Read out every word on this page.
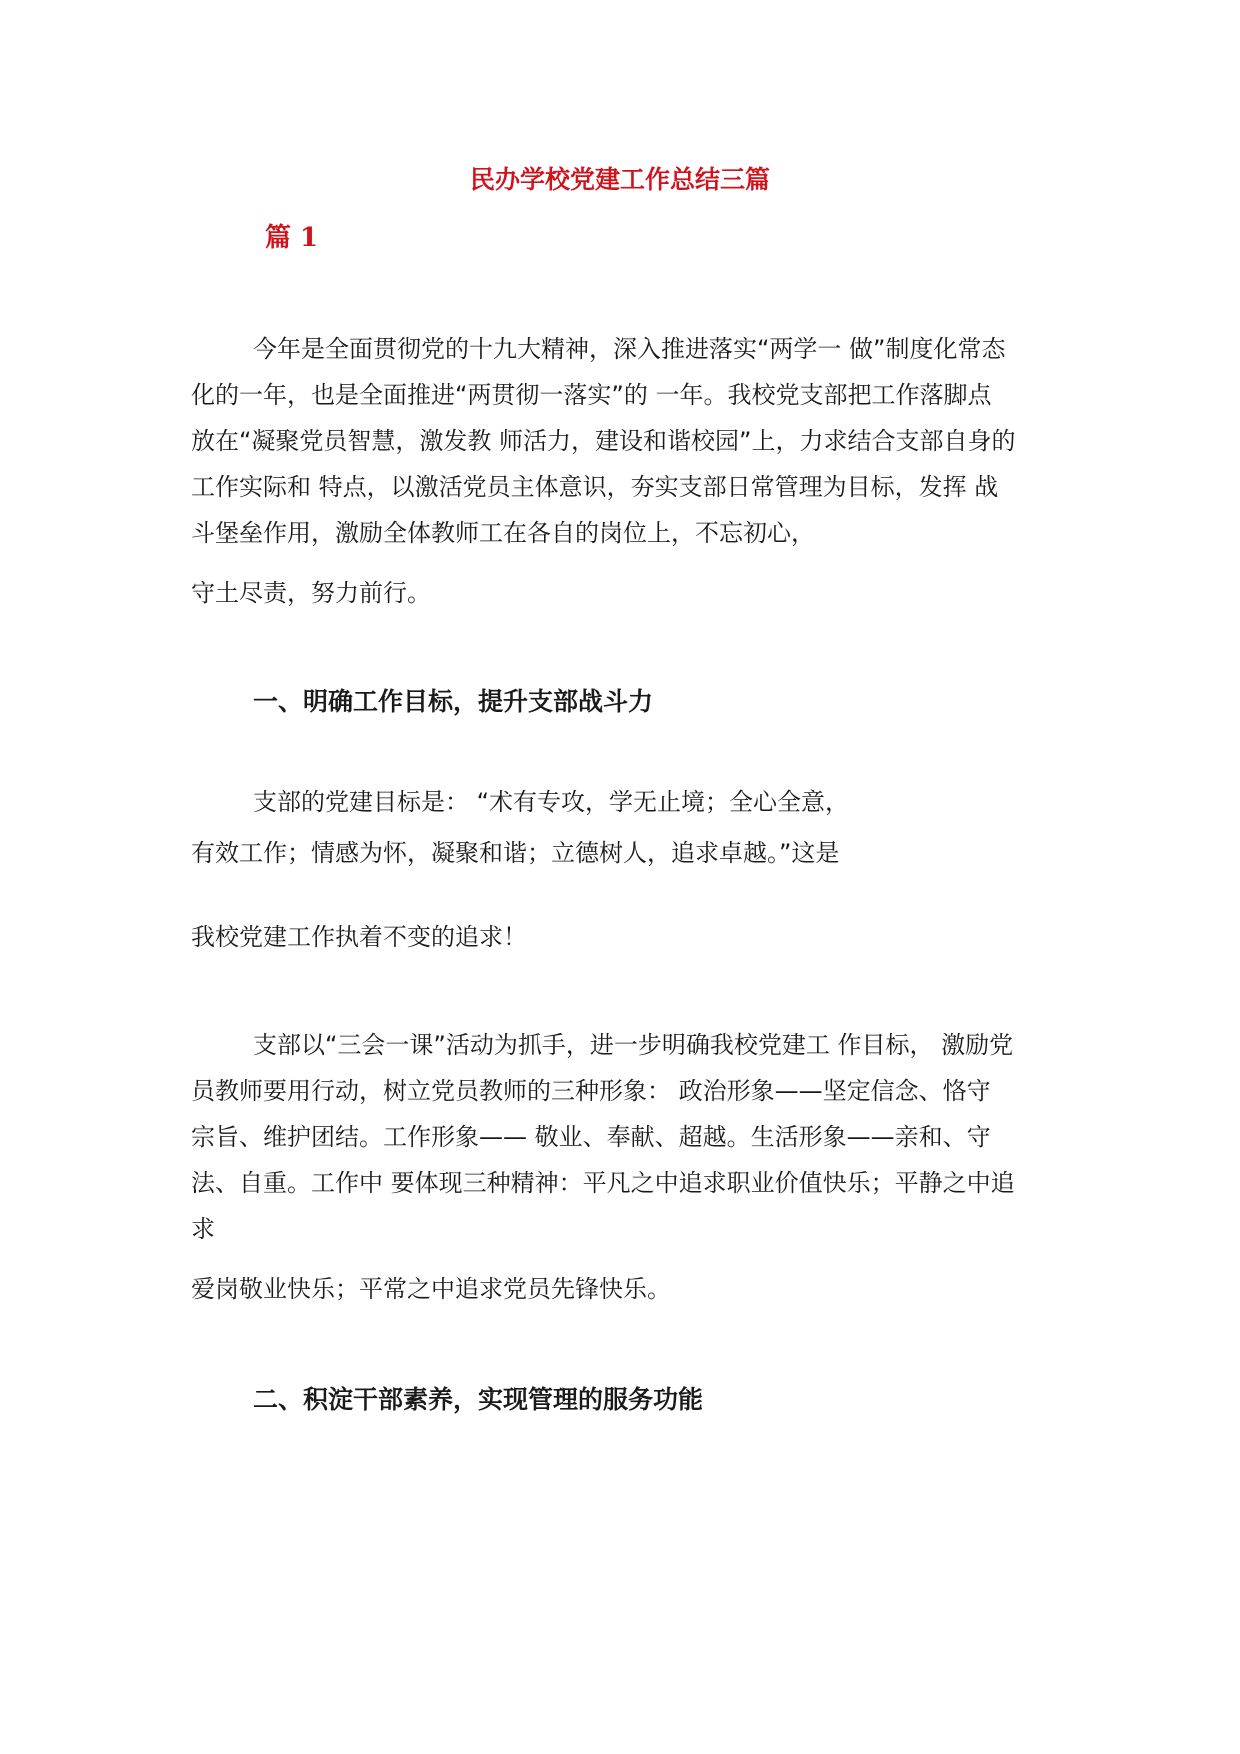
民办学校党建工作总结三篇
篇 1
今年是全面贯彻党的十九大精神，深入推进落实“两学一 做”制度化常态
化的一年，也是全面推进“两贯彻一落实”的 一年。我校党支部把工作落脚点
放在“凝聚党员智慧，激发教 师活力，建设和谐校园”上，力求结合支部自身的
工作实际和 特点，以激活党员主体意识，夯实支部日常管理为目标，发挥 战
斗堡垒作用，激励全体教师工在各自的岗位上，不忘初心，
守土尽责，努力前行。
一、明确工作目标，提升支部战斗力
支部的党建目标是： “术有专攻，学无止境；全心全意，
有效工作；情感为怀，凝聚和谐；立德树人，追求卓越。”这是
我校党建工作执着不变的追求！
支部以“三会一课”活动为抓手，进一步明确我校党建工 作目标， 激励党
员教师要用行动，树立党员教师的三种形象： 政治形象——坚定信念、恪守
宗旨、维护团结。工作形象—— 敬业、奉献、超越。生活形象——亲和、守
法、自重。工作中 要体现三种精神：平凡之中追求职业价值快乐；平静之中追
求
爱岗敬业快乐；平常之中追求党员先锋快乐。
二、积淀干部素养，实现管理的服务功能
